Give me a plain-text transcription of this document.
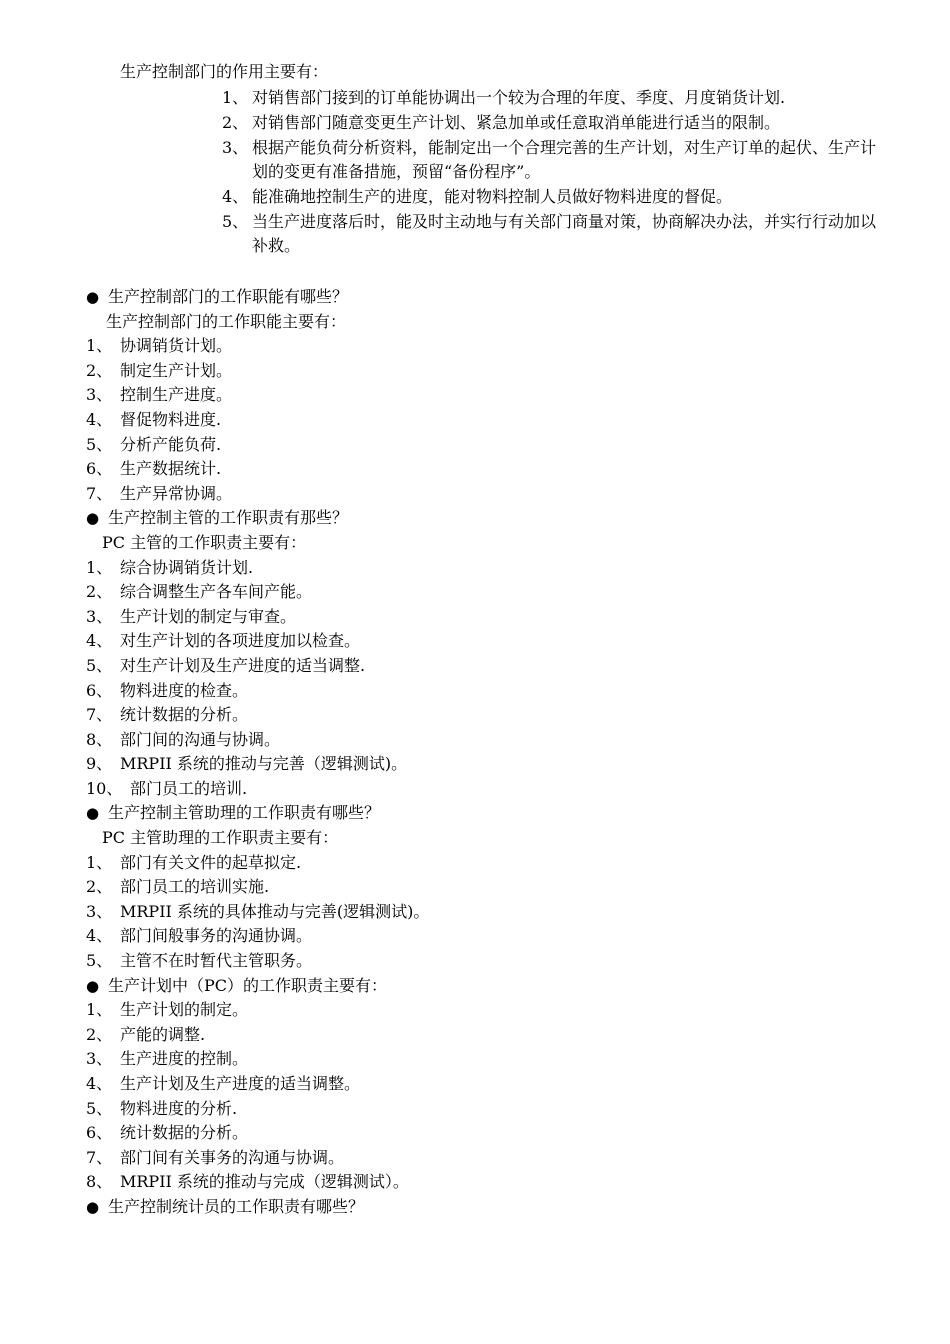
生产控制部门的作用主要有：
1、 对销售部门接到的订单能协调出一个较为合理的年度、季度、月度销货计划.
2、 对销售部门随意变更生产计划、紧急加单或任意取消单能进行适当的限制。
3、 根据产能负荷分析资料，能制定出一个合理完善的生产计划，对生产订单的起伏、生产计划的变更有准备措施，预留“备份程序”。
4、 能准确地控制生产的进度，能对物料控制人员做好物料进度的督促。
5、 当生产进度落后时，能及时主动地与有关部门商量对策，协商解决办法，并实行行动加以补救。
● 生产控制部门的工作职能有哪些？
生产控制部门的工作职能主要有：
1、 协调销货计划。
2、 制定生产计划。
3、 控制生产进度。
4、 督促物料进度.
5、 分析产能负荷.
6、 生产数据统计.
7、 生产异常协调。
● 生产控制主管的工作职责有那些？
PC 主管的工作职责主要有：
1、 综合协调销货计划.
2、 综合调整生产各车间产能。
3、 生产计划的制定与审查。
4、 对生产计划的各项进度加以检查。
5、 对生产计划及生产进度的适当调整.
6、 物料进度的检查。
7、 统计数据的分析。
8、 部门间的沟通与协调。
9、 MRPII 系统的推动与完善（逻辑测试)。
10、 部门员工的培训.
● 生产控制主管助理的工作职责有哪些？
PC 主管助理的工作职责主要有：
1、 部门有关文件的起草拟定.
2、 部门员工的培训实施.
3、 MRPII 系统的具体推动与完善(逻辑测试)。
4、 部门间般事务的沟通协调。
5、 主管不在时暂代主管职务。
● 生产计划中（PC）的工作职责主要有：
1、 生产计划的制定。
2、 产能的调整.
3、 生产进度的控制。
4、 生产计划及生产进度的适当调整。
5、 物料进度的分析.
6、 统计数据的分析。
7、 部门间有关事务的沟通与协调。
8、 MRPII 系统的推动与完成（逻辑测试）。
● 生产控制统计员的工作职责有哪些？
